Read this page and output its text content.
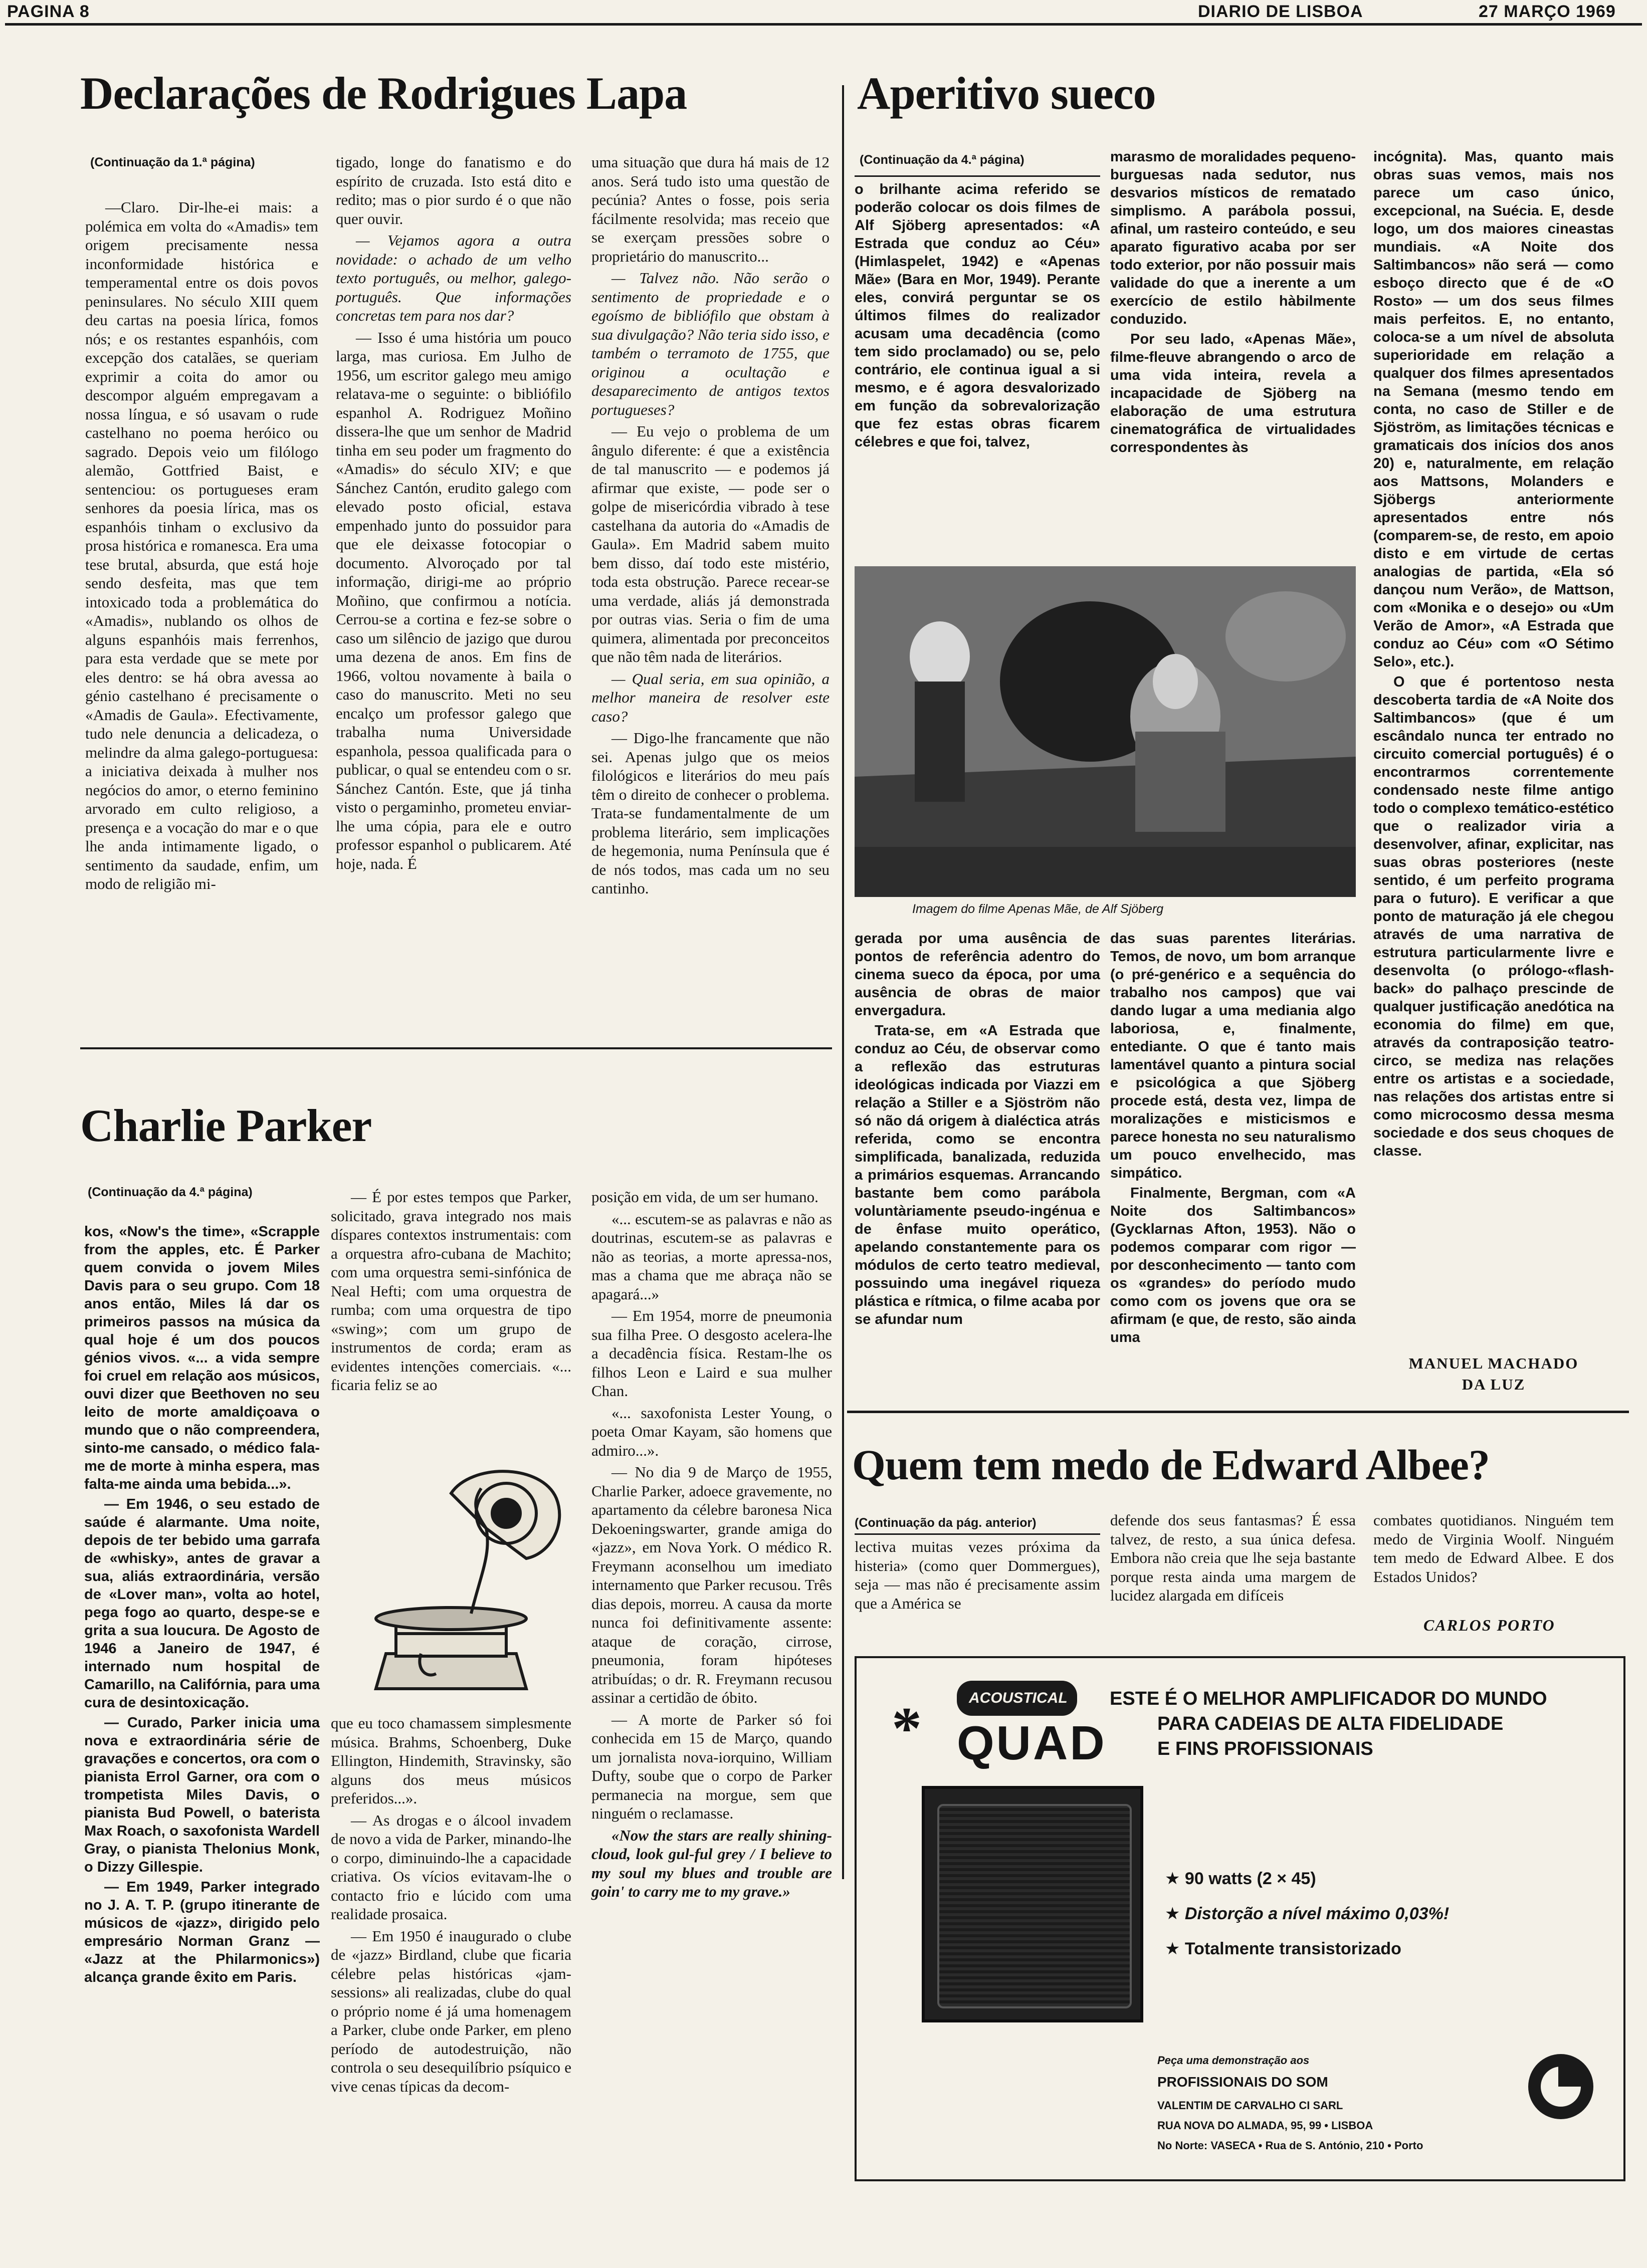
PAGINA 8	DIARIO DE LISBOA	27 MARÇO 1969
Declarações de Rodrigues Lapa
(Continuação da 1.ª página)

—Claro. Dir-lhe-ei mais: a polémica em volta do «Amadis» tem origem precisamente nessa inconformidade histórica e temperamental entre os dois povos peninsulares. No século XIII quem deu cartas na poesia lírica, fomos nós; e os restantes espanhóis, com excepção dos catalães, se queriam exprimir a coita do amor ou descompor alguém empregavam a nossa língua, e só usavam o rude castelhano no poema heróico ou sagrado. Depois veio um filólogo alemão, Gottfried Baist, e sentenciou: os portugueses eram senhores da poesia lírica, mas os espanhóis tinham o exclusivo da prosa histórica e romanesca. Era uma tese brutal, absurda, que está hoje sendo desfeita, mas que tem intoxicado toda a problemática do «Amadis», nublando os olhos de alguns espanhóis mais ferrenhos, para esta verdade que se mete por eles dentro: se há obra avessa ao génio castelhano é precisamente o «Amadis de Gaula». Efectivamente, tudo nele denuncia a delicadeza, o melindre da alma galego-portuguesa: a iniciativa deixada à mulher nos negócios do amor, o eterno feminino arvorado em culto religioso, a presença e a vocação do mar e o que lhe anda intimamente ligado, o sentimento da saudade, enfim, um modo de religião mi-

tigado, longe do fanatismo e do espírito de cruzada. Isto está dito e redito; mas o pior surdo é o que não quer ouvir.

— Vejamos agora a outra novidade: o achado de um velho texto português, ou melhor, galego-português. Que informações concretas tem para nos dar?

— Isso é uma história um pouco larga, mas curiosa. Em Julho de 1956, um escritor galego meu amigo relatava-me o seguinte: o bibliófilo espanhol A. Rodriguez Moñino dissera-lhe que um senhor de Madrid tinha em seu poder um fragmento do «Amadis» do século XIV; e que Sánchez Cantón, erudito galego com elevado posto oficial, estava empenhado junto do possuidor para que ele deixasse fotocopiar o documento. Alvoroçado por tal informação, dirigi-me ao próprio Moñino, que confirmou a notícia. Cerrou-se a cortina e fez-se sobre o caso um silêncio de jazigo que durou uma dezena de anos. Em fins de 1966, voltou novamente à baila o caso do manuscrito. Meti no seu encalço um professor galego que trabalha numa Universidade espanhola, pessoa qualificada para o publicar, o qual se entendeu com o sr. Sánchez Cantón. Este, que já tinha visto o pergaminho, prometeu enviar-lhe uma cópia, para ele e outro professor espanhol o publicarem. Até hoje, nada. É

uma situação que dura há mais de 12 anos. Será tudo isto uma questão de pecúnia? Antes o fosse, pois seria fácilmente resolvida; mas receio que se exerçam pressões sobre o proprietário do manuscrito...

— Talvez não. Não serão o sentimento de propriedade e o egoísmo de bibliófilo que obstam à sua divulgação? Não teria sido isso, e também o terramoto de 1755, que originou a ocultação e desaparecimento de antigos textos portugueses?

— Eu vejo o problema de um ângulo diferente: é que a existência de tal manuscrito — e podemos já afirmar que existe, — pode ser o golpe de misericórdia vibrado à tese castelhana da autoria do «Amadis de Gaula». Em Madrid sabem muito bem disso, daí todo este mistério, toda esta obstrução. Parece recear-se uma verdade, aliás já demonstrada por outras vias. Seria o fim de uma quimera, alimentada por preconceitos que não têm nada de literários.

— Qual seria, em sua opinião, a melhor maneira de resolver este caso?

— Digo-lhe francamente que não sei. Apenas julgo que os meios filológicos e literários do meu país têm o direito de conhecer o problema. Trata-se fundamentalmente de um problema literário, sem implicações de hegemonia, numa Península que é de nós todos, mas cada um no seu cantinho.

Charlie Parker
(Continuação da 4.ª página)

kos, «Now's the time», «Scrapple from the apples, etc. É Parker quem convida o jovem Miles Davis para o seu grupo. Com 18 anos então, Miles lá dar os primeiros passos na música da qual hoje é um dos poucos génios vivos. «... a vida sempre foi cruel em relação aos músicos, ouvi dizer que Beethoven no seu leito de morte amaldiçoava o mundo que o não compreendera, sinto-me cansado, o médico fala-me de morte à minha espera, mas falta-me ainda uma bebida...».

— Em 1946, o seu estado de saúde é alarmante. Uma noite, depois de ter bebido uma garrafa de «whisky», antes de gravar a sua, aliás extraordinária, versão de «Lover man», volta ao hotel, pega fogo ao quarto, despe-se e grita a sua loucura. De Agosto de 1946 a Janeiro de 1947, é internado num hospital de Camarillo, na Califórnia, para uma cura de desintoxicação.

— Curado, Parker inicia uma nova e extraordinária série de gravações e concertos, ora com o pianista Errol Garner, ora com o trompetista Miles Davis, o pianista Bud Powell, o baterista Max Roach, o saxofonista Wardell Gray, o pianista Thelonius Monk, o Dizzy Gillespie.

— Em 1949, Parker integrado no J. A. T. P. (grupo itinerante de músicos de «jazz», dirigido pelo empresário Norman Granz — «Jazz at the Philarmonics») alcança grande êxito em Paris.

— É por estes tempos que Parker, solicitado, grava integrado nos mais díspares contextos instrumentais: com a orquestra afro-cubana de Machito; com uma orquestra semi-sinfónica de Neal Hefti; com uma orquestra de rumba; com uma orquestra de tipo «swing»; com um grupo de instrumentos de corda; eram as evidentes intenções comerciais. «... ficaria feliz se ao

que eu toco chamassem simplesmente música. Brahms, Schoenberg, Duke Ellington, Hindemith, Stravinsky, são alguns dos meus músicos preferidos...».

— As drogas e o álcool invadem de novo a vida de Parker, minando-lhe o corpo, diminuindo-lhe a capacidade criativa. Os vícios evitavam-lhe o contacto frio e lúcido com uma realidade prosaica.

— Em 1950 é inaugurado o clube de «jazz» Birdland, clube que ficaria célebre pelas históricas «jam-sessions» ali realizadas, clube do qual o próprio nome é já uma homenagem a Parker, clube onde Parker, em pleno período de autodestruição, não controla o seu desequilíbrio psíquico e vive cenas típicas da decom-

posição em vida, de um ser humano.

«... escutem-se as palavras e não as doutrinas, escutem-se as palavras e não as teorias, a morte apressa-nos, mas a chama que me abraça não se apagará...»

— Em 1954, morre de pneumonia sua filha Pree. O desgosto acelera-lhe a decadência física. Restam-lhe os filhos Leon e Laird e sua mulher Chan.

«... saxofonista Lester Young, o poeta Omar Kayam, são homens que admiro...».

— No dia 9 de Março de 1955, Charlie Parker, adoece gravemente, no apartamento da célebre baronesa Nica Dekoeningswarter, grande amiga do «jazz», em Nova York. O médico R. Freymann aconselhou um imediato internamento que Parker recusou. Três dias depois, morreu. A causa da morte nunca foi definitivamente assente: ataque de coração, cirrose, pneumonia, foram hipóteses atribuídas; o dr. R. Freymann recusou assinar a certidão de óbito.

— A morte de Parker só foi conhecida em 15 de Março, quando um jornalista nova-iorquino, William Dufty, soube que o corpo de Parker permanecia na morgue, sem que ninguém o reclamasse.

«Now the stars are really shining-cloud, look gul-ful grey / I believe to my soul my blues and trouble are goin' to carry me to my grave.»

Aperitivo sueco
(Continuação da 4.ª página)

o brilhante acima referido se poderão colocar os dois filmes de Alf Sjöberg apresentados: «A Estrada que conduz ao Céu» (Himlaspelet, 1942) e «Apenas Mãe» (Bara en Mor, 1949). Perante eles, convirá perguntar se os últimos filmes do realizador acusam uma decadência (como tem sido proclamado) ou se, pelo contrário, ele continua igual a si mesmo, e é agora desvalorizado em função da sobrevalorização que fez estas obras ficarem célebres e que foi, talvez,

marasmo de moralidades pequeno-burguesas nada sedutor, nus desvarios místicos de rematado simplismo. A parábola possui, afinal, um rasteiro conteúdo, e seu aparato figurativo acaba por ser todo exterior, por não possuir mais validade do que a inerente a um exercício de estilo hàbilmente conduzido.

Por seu lado, «Apenas Mãe», filme-fleuve abrangendo o arco de uma vida inteira, revela a incapacidade de Sjöberg na elaboração de uma estrutura cinematográfica de virtualidades correspondentes às

Imagem do filme Apenas Mãe, de Alf Sjöberg

gerada por uma ausência de pontos de referência adentro do cinema sueco da época, por uma ausência de obras de maior envergadura.

Trata-se, em «A Estrada que conduz ao Céu, de observar como a reflexão das estruturas ideológicas indicada por Viazzi em relação a Stiller e a Sjöström não só não dá origem à dialéctica atrás referida, como se encontra simplificada, banalizada, reduzida a primários esquemas. Arrancando bastante bem como parábola voluntàriamente pseudo-ingénua e de ênfase muito operático, apelando constantemente para os módulos de certo teatro medieval, possuindo uma inegável riqueza plástica e rítmica, o filme acaba por se afundar num

das suas parentes literárias. Temos, de novo, um bom arranque (o pré-genérico e a sequência do trabalho nos campos) que vai dando lugar a uma mediania algo laboriosa, e, finalmente, entediante. O que é tanto mais lamentável quanto a pintura social e psicológica a que Sjöberg procede está, desta vez, limpa de moralizações e misticismos e parece honesta no seu naturalismo um pouco envelhecido, mas simpático.

Finalmente, Bergman, com «A Noite dos Saltimbancos» (Gycklarnas Afton, 1953). Não o podemos comparar com rigor — por desconhecimento — tanto com os «grandes» do período mudo como com os jovens que ora se afirmam (e que, de resto, são ainda uma

incógnita). Mas, quanto mais obras suas vemos, mais nos parece um caso único, excepcional, na Suécia. E, desde logo, um dos maiores cineastas mundiais. «A Noite dos Saltimbancos» não será — como esboço directo que é de «O Rosto» — um dos seus filmes mais perfeitos. E, no entanto, coloca-se a um nível de absoluta superioridade em relação a qualquer dos filmes apresentados na Semana (mesmo tendo em conta, no caso de Stiller e de Sjöström, as limitações técnicas e gramaticais dos inícios dos anos 20) e, naturalmente, em relação aos Mattsons, Molanders e Sjöbergs anteriormente apresentados entre nós (comparem-se, de resto, em apoio disto e em virtude de certas analogias de partida, «Ela só dançou num Verão», de Mattson, com «Monika e o desejo» ou «Um Verão de Amor», «A Estrada que conduz ao Céu» com «O Sétimo Selo», etc.).

O que é portentoso nesta descoberta tardia de «A Noite dos Saltimbancos» (que é um escândalo nunca ter entrado no circuito comercial português) é o encontrarmos correntemente condensado neste filme antigo todo o complexo temático-estético que o realizador viria a desenvolver, afinar, explicitar, nas suas obras posteriores (neste sentido, é um perfeito programa para o futuro). E verificar a que ponto de maturação já ele chegou através de uma narrativa de estrutura particularmente livre e desenvolta (o prólogo-«flash-back» do palhaço prescinde de qualquer justificação anedótica na economia do filme) em que, através da contraposição teatro-circo, se mediza nas relações entre os artistas e a sociedade, nas relações dos artistas entre si como microcosmo dessa mesma sociedade e dos seus choques de classe.

MANUEL MACHADO
DA LUZ
Quem tem medo de Edward Albee?
(Continuação da pág. anterior)

lectiva muitas vezes próxima da histeria» (como quer Dommergues), seja — mas não é precisamente assim que a América se

defende dos seus fantasmas? É essa talvez, de resto, a sua única defesa. Embora não creia que lhe seja bastante porque resta ainda uma margem de lucidez alargada em difíceis

combates quotidianos. Ninguém tem medo de Virginia Woolf. Ninguém tem medo de Edward Albee. E dos Estados Unidos?

CARLOS PORTO
*	ACOUSTICAL
QUAD
ESTE É O MELHOR AMPLIFICADOR DO MUNDO
PARA CADEIAS DE ALTA FIDELIDADE
E FINS PROFISSIONAIS
★ 90 watts (2 × 45)
★ Distorção a nível máximo 0,03%!
★ Totalmente transistorizado
Peça uma demonstração aos
PROFISSIONAIS DO SOM
VALENTIM DE CARVALHO CI SARL
RUA NOVA DO ALMADA, 95, 99 • LISBOA
No Norte: VASECA • Rua de S. António, 210 • Porto
